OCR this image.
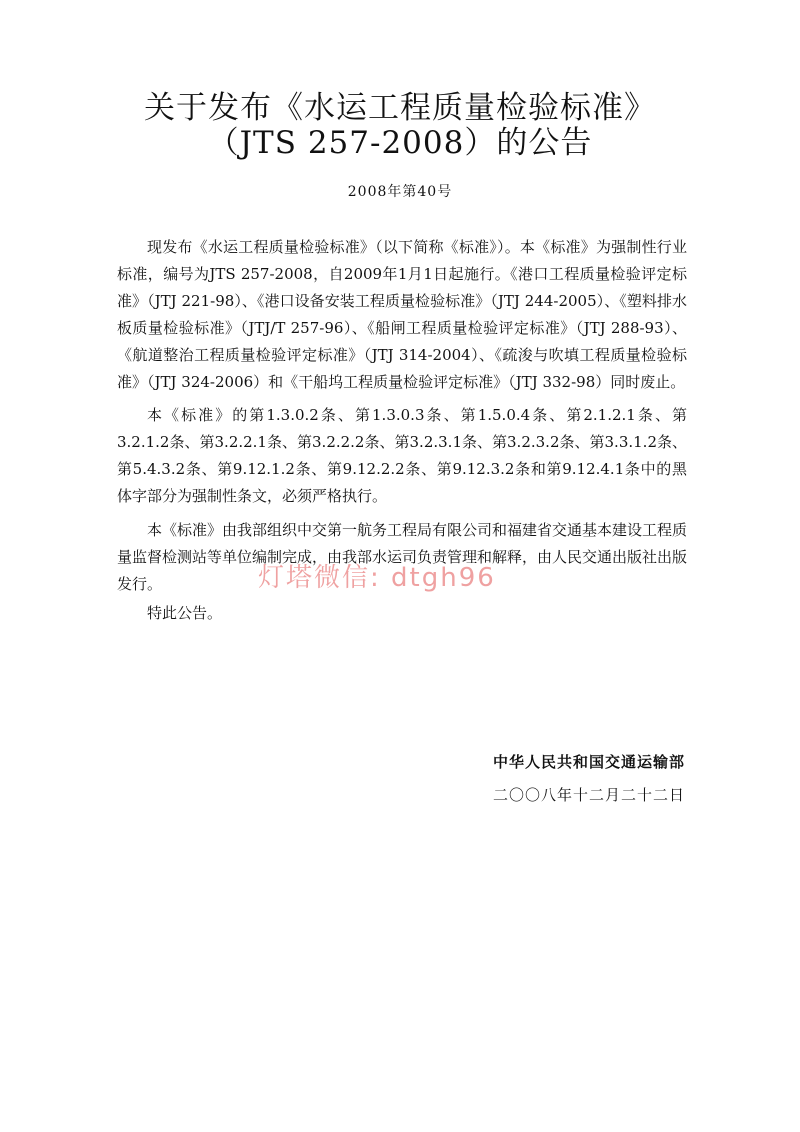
关于发布《水运工程质量检验标准》
（JTS 257-2008）的公告
2008年第40号

现发布《水运工程质量检验标准》（以下简称《标准》）。本《标准》为强制性行业标准，编号为JTS 257-2008，自2009年1月1日起施行。《港口工程质量检验评定标准》（JTJ 221-98）、《港口设备安装工程质量检验标准》（JTJ 244-2005）、《塑料排水板质量检验标准》（JTJ/T 257-96）、《船闸工程质量检验评定标准》（JTJ 288-93）、《航道整治工程质量检验评定标准》（JTJ 314-2004）、《疏浚与吹填工程质量检验标准》（JTJ 324-2006）和《干船坞工程质量检验评定标准》（JTJ 332-98）同时废止。

本《标准》的第1.3.0.2条、第1.3.0.3条、第1.5.0.4条、第2.1.2.1条、第3.2.1.2条、第3.2.2.1条、第3.2.2.2条、第3.2.3.1条、第3.2.3.2条、第3.3.1.2条、第5.4.3.2条、第9.12.1.2条、第9.12.2.2条、第9.12.3.2条和第9.12.4.1条中的黑体字部分为强制性条文，必须严格执行。

本《标准》由我部组织中交第一航务工程局有限公司和福建省交通基本建设工程质量监督检测站等单位编制完成，由我部水运司负责管理和解释，由人民交通出版社出版发行。

特此公告。

灯塔微信: dtgh96
中华人民共和国交通运输部
二〇〇八年十二月二十二日
